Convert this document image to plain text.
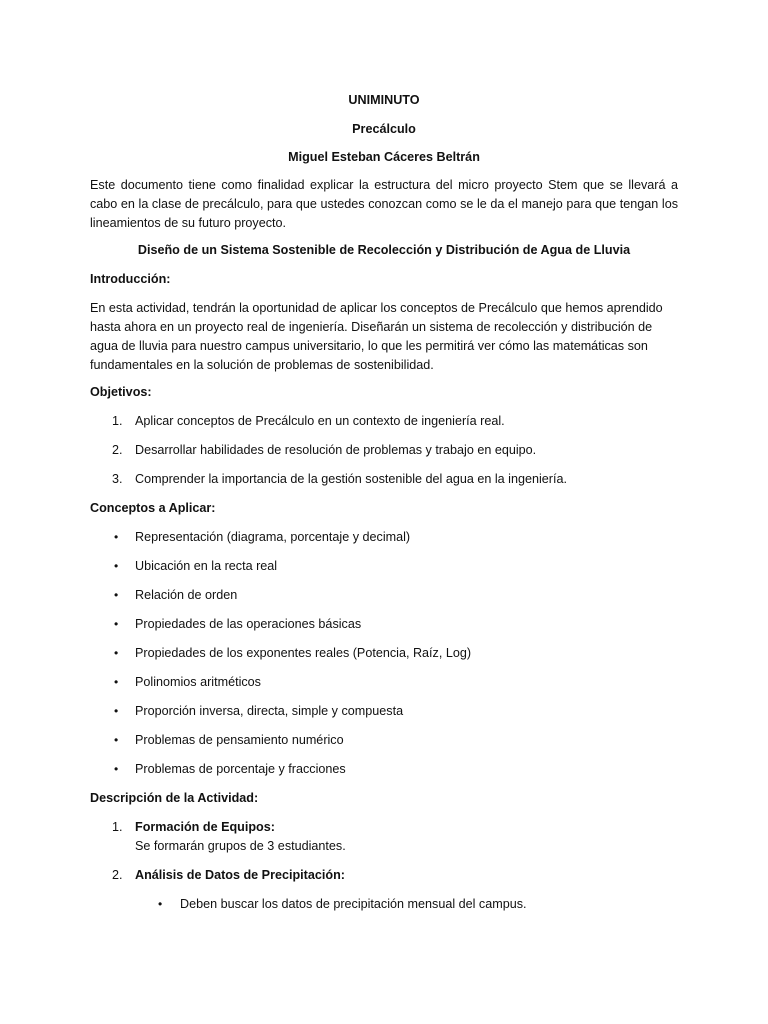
UNIMINUTO
Precálculo
Miguel Esteban Cáceres Beltrán

Este documento tiene como finalidad explicar la estructura del micro proyecto Stem que se llevará a cabo en la clase de precálculo, para que ustedes conozcan como se le da el manejo para que tengan los lineamientos de su futuro proyecto.

Diseño de un Sistema Sostenible de Recolección y Distribución de Agua de Lluvia
Introducción:

En esta actividad, tendrán la oportunidad de aplicar los conceptos de Precálculo que hemos aprendido hasta ahora en un proyecto real de ingeniería. Diseñarán un sistema de recolección y distribución de agua de lluvia para nuestro campus universitario, lo que les permitirá ver cómo las matemáticas son fundamentales en la solución de problemas de sostenibilidad.

Objetivos:
1. Aplicar conceptos de Precálculo en un contexto de ingeniería real.
2. Desarrollar habilidades de resolución de problemas y trabajo en equipo.
3. Comprender la importancia de la gestión sostenible del agua en la ingeniería.
Conceptos a Aplicar:
• Representación (diagrama, porcentaje y decimal)
• Ubicación en la recta real
• Relación de orden
• Propiedades de las operaciones básicas
• Propiedades de los exponentes reales (Potencia, Raíz, Log)
• Polinomios aritméticos
• Proporción inversa, directa, simple y compuesta
• Problemas de pensamiento numérico
• Problemas de porcentaje y fracciones
Descripción de la Actividad:
1. Formación de Equipos:
Se formarán grupos de 3 estudiantes.
2. Análisis de Datos de Precipitación:
• Deben buscar los datos de precipitación mensual del campus.
